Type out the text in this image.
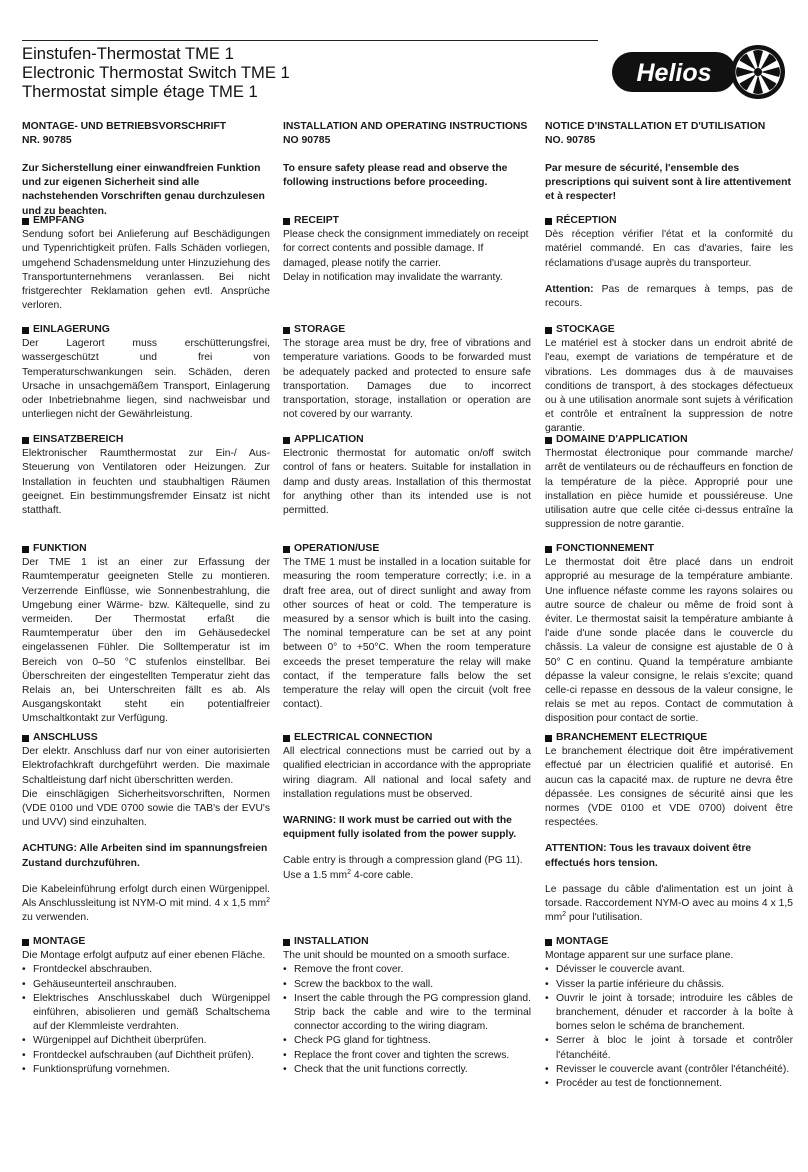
Einstufen-Thermostat TME 1
Electronic Thermostat Switch TME 1
Thermostat simple étage TME 1
Helios
MONTAGE- UND BETRIEBSVORSCHRIFT
NR. 90785
INSTALLATION AND OPERATING INSTRUCTIONS
NO 90785
NOTICE D'INSTALLATION ET D'UTILISATION
NO. 90785
Zur Sicherstellung einer einwandfreien Funktion und zur eigenen Sicherheit sind alle nachstehenden Vorschriften genau durchzulesen und zu beachten.
To ensure safety please read and observe the following instructions before proceeding.
Par mesure de sécurité, l'ensemble des prescriptions qui suivent sont à lire attentivement et à respecter!
EMPFANG

Sendung sofort bei Anlieferung auf Beschädigungen und Typenrichtigkeit prüfen. Falls Schäden vorliegen, umgehend Schadensmeldung unter Hinzuziehung des Transportunternehmens veranlassen. Bei nicht fristgerechter Reklamation gehen evtl. Ansprüche verloren.

EINLAGERUNG

Der Lagerort muss erschütterungsfrei, wassergeschützt und frei von Temperaturschwankungen sein. Schäden, deren Ursache in unsachgemäßem Transport, Einlagerung oder Inbetriebnahme liegen, sind nachweisbar und unterliegen nicht der Gewährleistung.

EINSATZBEREICH

Elektronischer Raumthermostat zur Ein-/ Aus-Steuerung von Ventilatoren oder Heizungen. Zur Installation in feuchten und staubhaltigen Räumen geeignet. Ein bestimmungsfremder Einsatz ist nicht statthaft.

FUNKTION

Der TME 1 ist an einer zur Erfassung der Raumtemperatur geeigneten Stelle zu montieren. Verzerrende Einflüsse, wie Sonnenbestrahlung, die Umgebung einer Wärme- bzw. Kältequelle, sind zu vermeiden. Der Thermostat erfaßt die Raumtemperatur über den im Gehäusedeckel eingelassenen Fühler. Die Solltemperatur ist im Bereich von 0–50 °C stufenlos einstellbar. Bei Überschreiten der eingestellten Temperatur zieht das Relais an, bei Unterschreiten fällt es ab. Als Ausgangskontakt steht ein potentialfreier Umschaltkontakt zur Verfügung.

ANSCHLUSS

Der elektr. Anschluss darf nur von einer autorisierten Elektrofachkraft durchgeführt werden. Die maximale Schaltleistung darf nicht überschritten werden.

Die einschlägigen Sicherheitsvorschriften, Normen (VDE 0100 und VDE 0700 sowie die TAB's der EVU's und UVV) sind einzuhalten.

ACHTUNG: Alle Arbeiten sind im spannungsfreien Zustand durchzuführen.

Die Kabeleinführung erfolgt durch einen Würgenippel. Als Anschlussleitung ist NYM-O mit mind. 4 x 1,5 $mm^2$ zu verwenden.

MONTAGE

Die Montage erfolgt aufputz auf einer ebenen Fläche.

• Frontdeckel abschrauben.
• Gehäuseunterteil anschrauben.
• Elektrisches Anschlusskabel duch Würgenippel einführen, abisolieren und gemäß Schaltschema auf der Klemmleiste verdrahten.
• Würgenippel auf Dichtheit überprüfen.
• Frontdeckel aufschrauben (auf Dichtheit prüfen).
• Funktionsprüfung vornehmen.
RECEIPT

Please check the consignment immediately on receipt for correct contents and possible damage. If damaged, please notify the carrier.

Delay in notification may invalidate the warranty.

STORAGE

The storage area must be dry, free of vibrations and temperature variations. Goods to be forwarded must be adequately packed and protected to ensure safe transportation. Damages due to incorrect transportation, storage, installation or operation are not covered by our warranty.

APPLICATION

Electronic thermostat for automatic on/off switch control of fans or heaters. Suitable for installation in damp and dusty areas. Installation of this thermostat for anything other than its intended use is not permitted.

OPERATION/USE

The TME 1 must be installed in a location suitable for measuring the room temperature correctly; i.e. in a draft free area, out of direct sunlight and away from other sources of heat or cold. The temperature is measured by a sensor which is built into the casing. The nominal temperature can be set at any point between 0° to +50°C. When the room temperature exceeds the preset temperature the relay will make contact, if the temperature falls below the set temperature the relay will open the circuit (volt free contact).

ELECTRICAL CONNECTION

All electrical connections must be carried out by a qualified electrician in accordance with the appropriate wiring diagram. All national and local safety and installation regulations must be observed.

WARNING: II work must be carried out with the equipment fully isolated from the power supply.

Cable entry is through a compression gland (PG 11). Use a 1.5 $mm^2$ 4-core cable.

INSTALLATION

The unit should be mounted on a smooth surface.

• Remove the front cover.
• Screw the backbox to the wall.
• Insert the cable through the PG compression gland. Strip back the cable and wire to the terminal connector according to the wiring diagram.
• Check PG gland for tightness.
• Replace the front cover and tighten the screws.
• Check that the unit functions correctly.
RÉCEPTION

Dès réception vérifier l'état et la conformité du matériel commandé. En cas d'avaries, faire les réclamations d'usage auprès du transporteur.

Attention: Pas de remarques à temps, pas de recours.

STOCKAGE

Le matériel est à stocker dans un endroit abrité de l'eau, exempt de variations de température et de vibrations. Les dommages dus à de mauvaises conditions de transport, à des stockages défectueux ou à une utilisation anormale sont sujets à vérification et contrôle et entraînent la suppression de notre garantie.

DOMAINE D'APPLICATION

Thermostat électronique pour commande marche/ arrêt de ventilateurs ou de réchauffeurs en fonction de la température de la pièce. Approprié pour une installation en pièce humide et poussiéreuse. Une utilisation autre que celle citée ci-dessus entraîne la suppression de notre garantie.

FONCTIONNEMENT

Le thermostat doit être placé dans un endroit approprié au mesurage de la température ambiante. Une influence néfaste comme les rayons solaires ou autre source de chaleur ou même de froid sont à éviter. Le thermostat saisit la température ambiante à l'aide d'une sonde placée dans le couvercle du châssis. La valeur de consigne est ajustable de 0 à 50° C en continu. Quand la température ambiante dépasse la valeur consigne, le relais s'excite; quand celle-ci repasse en dessous de la valeur consigne, le relais se met au repos. Contact de commutation à disposition pour contact de sortie.

BRANCHEMENT ELECTRIQUE

Le branchement électrique doit être impérativement effectué par un électricien qualifié et autorisé. En aucun cas la capacité max. de rupture ne devra être dépassée. Les consignes de sécurité ainsi que les normes (VDE 0100 et VDE 0700) doivent être respectées.

ATTENTION: Tous les travaux doivent être effectués hors tension.

Le passage du câble d'alimentation est un joint à torsade. Raccordement NYM-O avec au moins 4 x 1,5 $mm^2$ pour l'utilisation.

MONTAGE

Montage apparent sur une surface plane.

• Dévisser le couvercle avant.
• Visser la partie inférieure du châssis.
• Ouvrir le joint à torsade; introduire les câbles de branchement, dénuder et raccorder à la boîte à bornes selon le schéma de branchement.
• Serrer à bloc le joint à torsade et contrôler l'étanchéité.
• Revisser le couvercle avant (contrôler l'étanchéité).
• Procéder au test de fonctionnement.
